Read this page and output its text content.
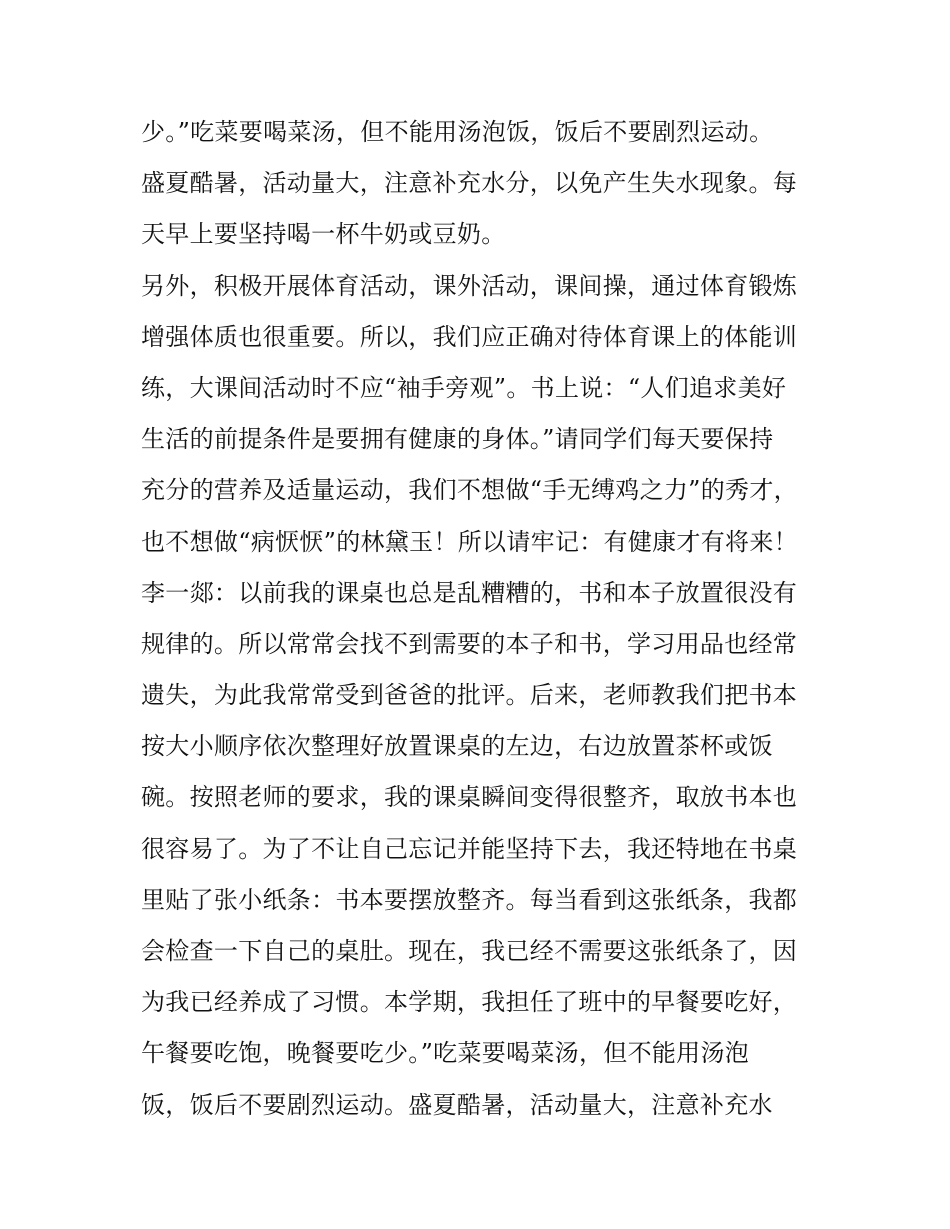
少。”吃菜要喝菜汤，但不能用汤泡饭，饭后不要剧烈运动。
盛夏酷暑，活动量大，注意补充水分，以免产生失水现象。每
天早上要坚持喝一杯牛奶或豆奶。
另外，积极开展体育活动，课外活动，课间操，通过体育锻炼
增强体质也很重要。所以，我们应正确对待体育课上的体能训
练，大课间活动时不应“袖手旁观”。书上说：“人们追求美好
生活的前提条件是要拥有健康的身体。”请同学们每天要保持
充分的营养及适量运动，我们不想做“手无缚鸡之力”的秀才，
也不想做“病恹恹”的林黛玉！所以请牢记：有健康才有将来！
李一郯：以前我的课桌也总是乱糟糟的，书和本子放置很没有
规律的。所以常常会找不到需要的本子和书，学习用品也经常
遗失，为此我常常受到爸爸的批评。后来，老师教我们把书本
按大小顺序依次整理好放置课桌的左边，右边放置茶杯或饭
碗。按照老师的要求，我的课桌瞬间变得很整齐，取放书本也
很容易了。为了不让自己忘记并能坚持下去，我还特地在书桌
里贴了张小纸条：书本要摆放整齐。每当看到这张纸条，我都
会检查一下自己的桌肚。现在，我已经不需要这张纸条了，因
为我已经养成了习惯。本学期，我担任了班中的早餐要吃好，
午餐要吃饱，晚餐要吃少。”吃菜要喝菜汤，但不能用汤泡
饭，饭后不要剧烈运动。盛夏酷暑，活动量大，注意补充水
